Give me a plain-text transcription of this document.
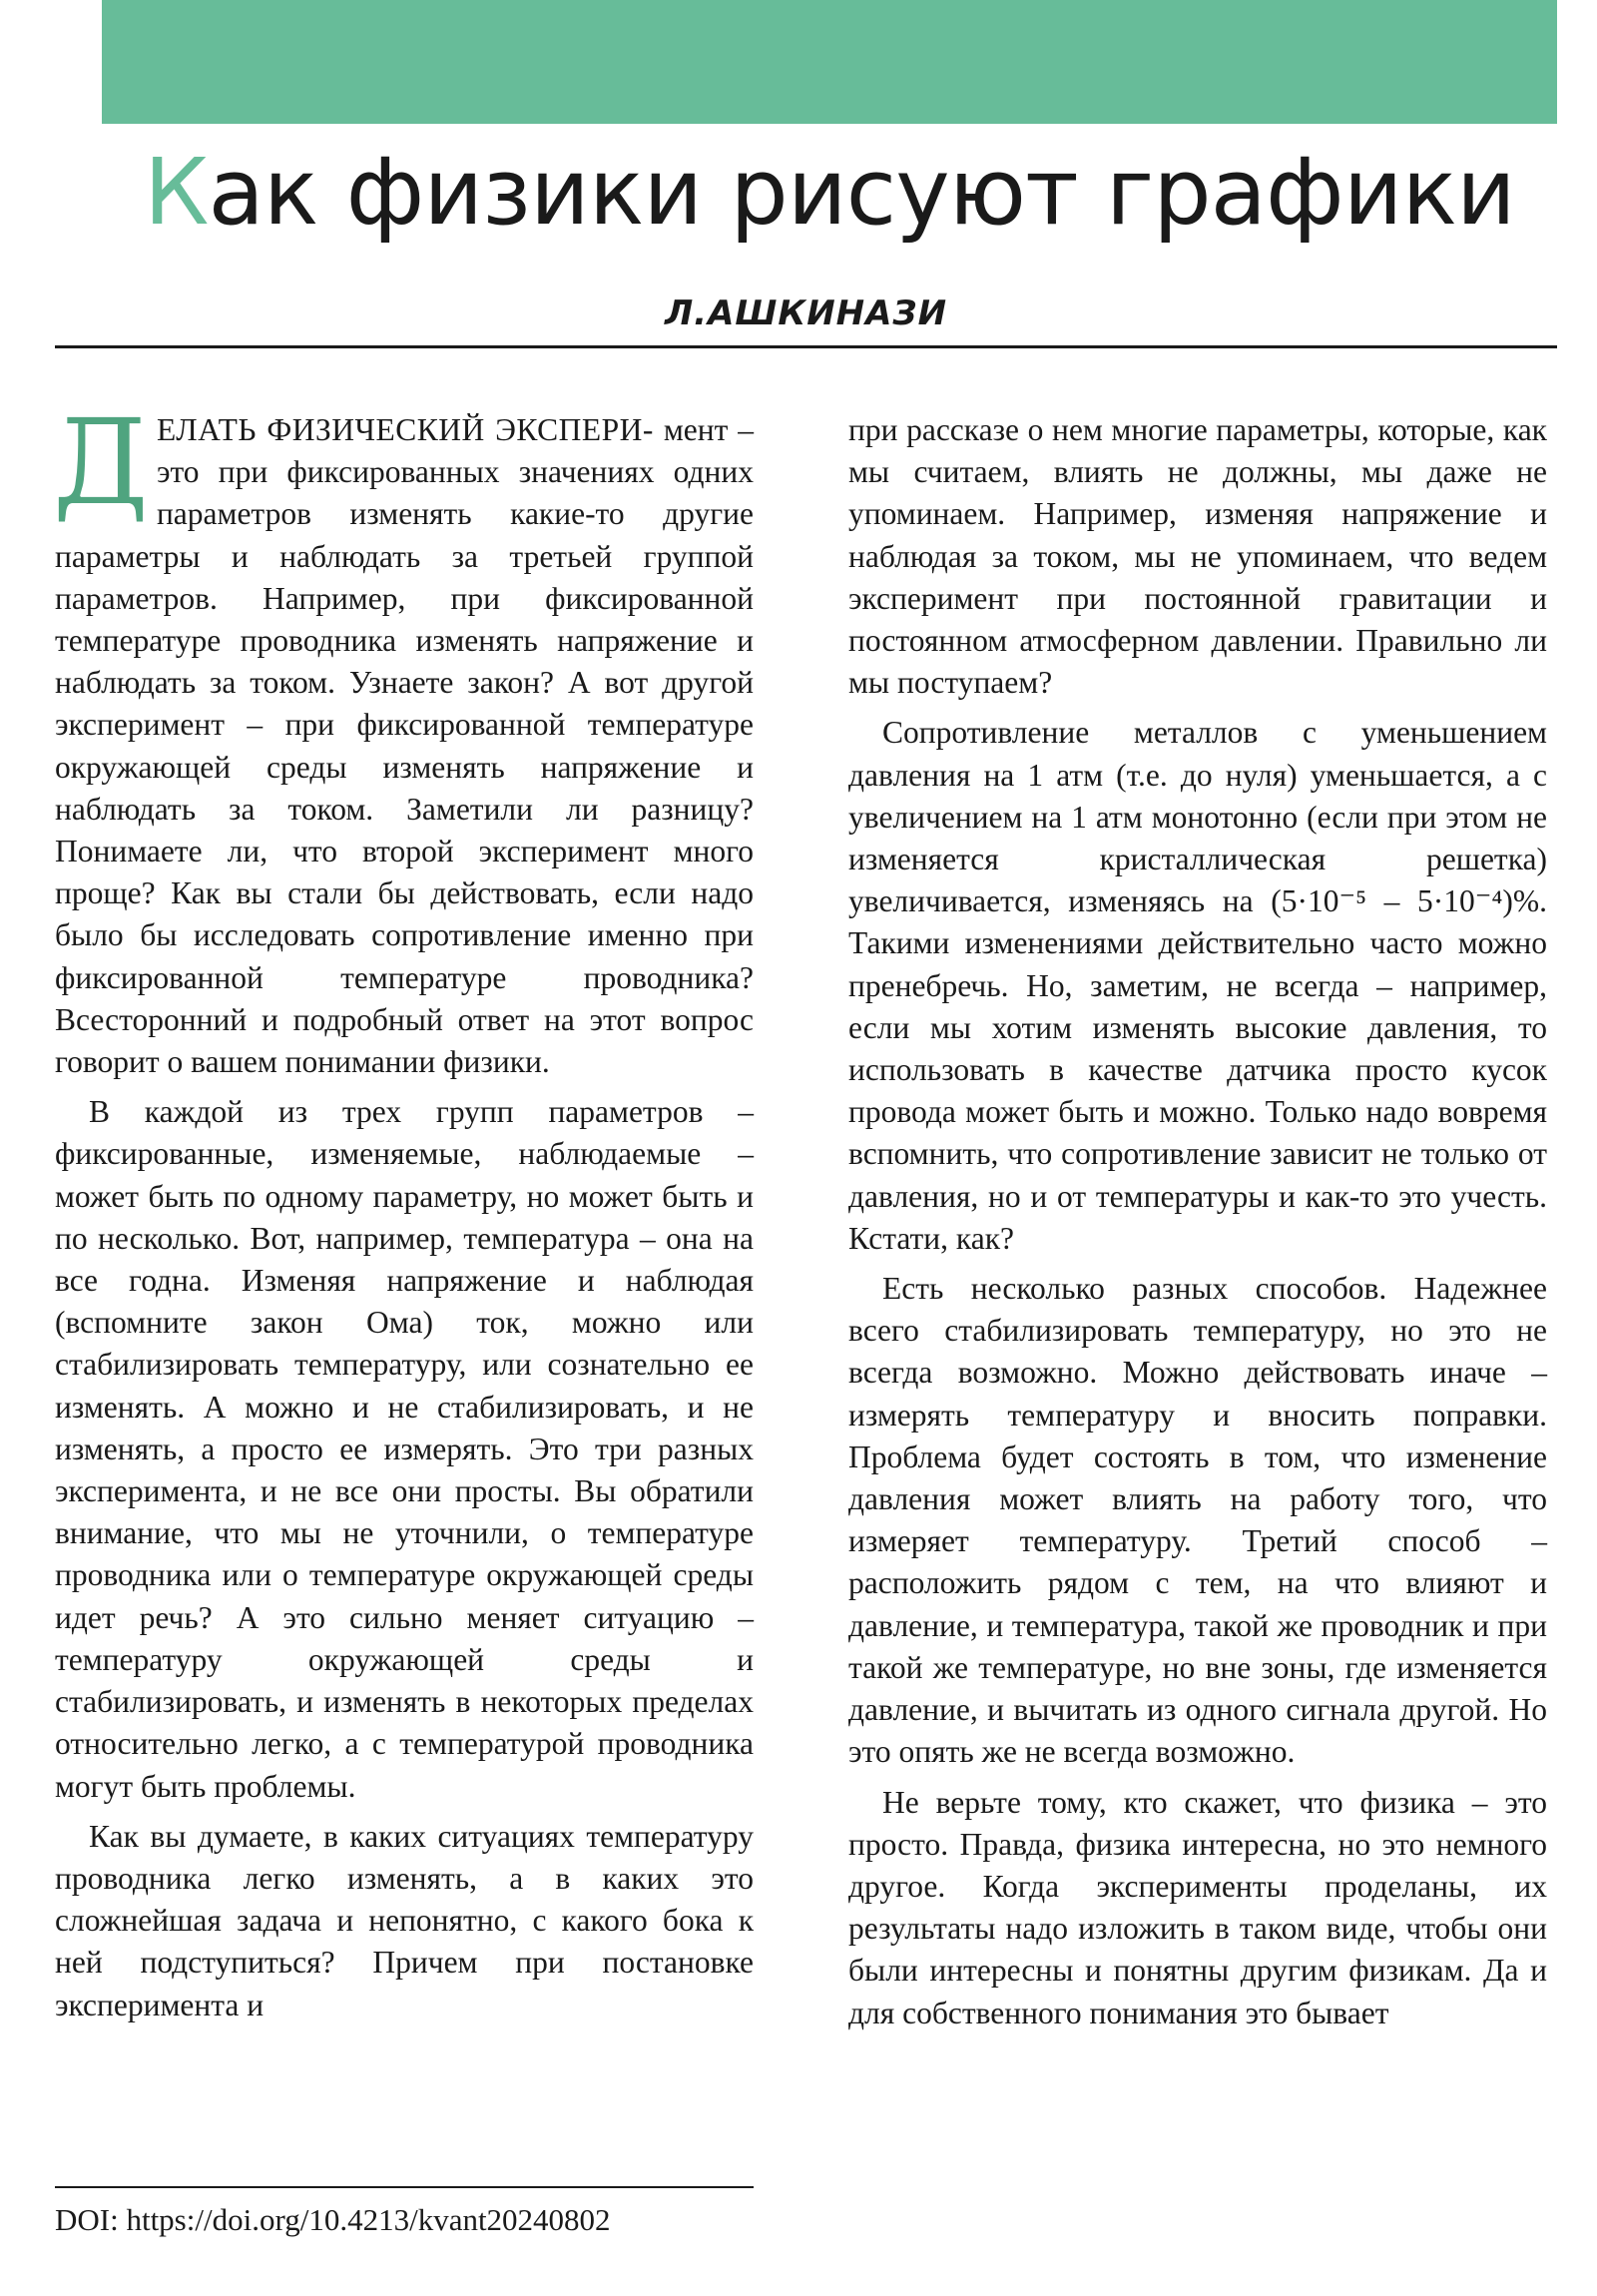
Как физики рисуют графики
Л.АШКИНАЗИ

ДЕЛАТЬ ФИЗИЧЕСКИЙ ЭКСПЕРИ- мент – это при фиксированных значениях одних параметров изменять какие-то другие параметры и наблюдать за третьей группой параметров. Например, при фиксированной температуре проводника изменять напряжение и наблюдать за током. Узнаете закон? А вот другой эксперимент – при фиксированной температуре окружающей среды изменять напряжение и наблюдать за током. Заметили ли разницу? Понимаете ли, что второй эксперимент много проще? Как вы стали бы действовать, если надо было бы исследовать сопротивление именно при фиксированной температуре проводника? Всесторонний и подробный ответ на этот вопрос говорит о вашем понимании физики.

В каждой из трех групп параметров – фиксированные, изменяемые, наблюдаемые – может быть по одному параметру, но может быть и по несколько. Вот, например, температура – она на все годна. Изменяя напряжение и наблюдая (вспомните закон Ома) ток, можно или стабилизировать температуру, или сознательно ее изменять. А можно и не стабилизировать, и не изменять, а просто ее измерять. Это три разных эксперимента, и не все они просты. Вы обратили внимание, что мы не уточнили, о температуре проводника или о температуре окружающей среды идет речь? А это сильно меняет ситуацию – температуру окружающей среды и стабилизировать, и изменять в некоторых пределах относительно легко, а с температурой проводника могут быть проблемы.

Как вы думаете, в каких ситуациях температуру проводника легко изменять, а в каких это сложнейшая задача и непонятно, с какого бока к ней подступиться? Причем при постановке эксперимента и

при рассказе о нем многие параметры, которые, как мы считаем, влиять не должны, мы даже не упоминаем. Например, изменяя напряжение и наблюдая за током, мы не упоминаем, что ведем эксперимент при постоянной гравитации и постоянном атмосферном давлении. Правильно ли мы поступаем?

Сопротивление металлов с уменьшением давления на 1 атм (т.е. до нуля) уменьшается, а с увеличением на 1 атм монотонно (если при этом не изменяется кристаллическая решетка) увеличивается, изменяясь на (5·10⁻⁵ – 5·10⁻⁴)%. Такими изменениями действительно часто можно пренебречь. Но, заметим, не всегда – например, если мы хотим изменять высокие давления, то использовать в качестве датчика просто кусок провода может быть и можно. Только надо вовремя вспомнить, что сопротивление зависит не только от давления, но и от температуры и как-то это учесть. Кстати, как?

Есть несколько разных способов. Надежнее всего стабилизировать температуру, но это не всегда возможно. Можно действовать иначе – измерять температуру и вносить поправки. Проблема будет состоять в том, что изменение давления может влиять на работу того, что измеряет температуру. Третий способ – расположить рядом с тем, на что влияют и давление, и температура, такой же проводник и при такой же температуре, но вне зоны, где изменяется давление, и вычитать из одного сигнала другой. Но это опять же не всегда возможно.

Не верьте тому, кто скажет, что физика – это просто. Правда, физика интересна, но это немного другое. Когда эксперименты проделаны, их результаты надо изложить в таком виде, чтобы они были интересны и понятны другим физикам. Да и для собственного понимания это бывает

DOI: https://doi.org/10.4213/kvant20240802
